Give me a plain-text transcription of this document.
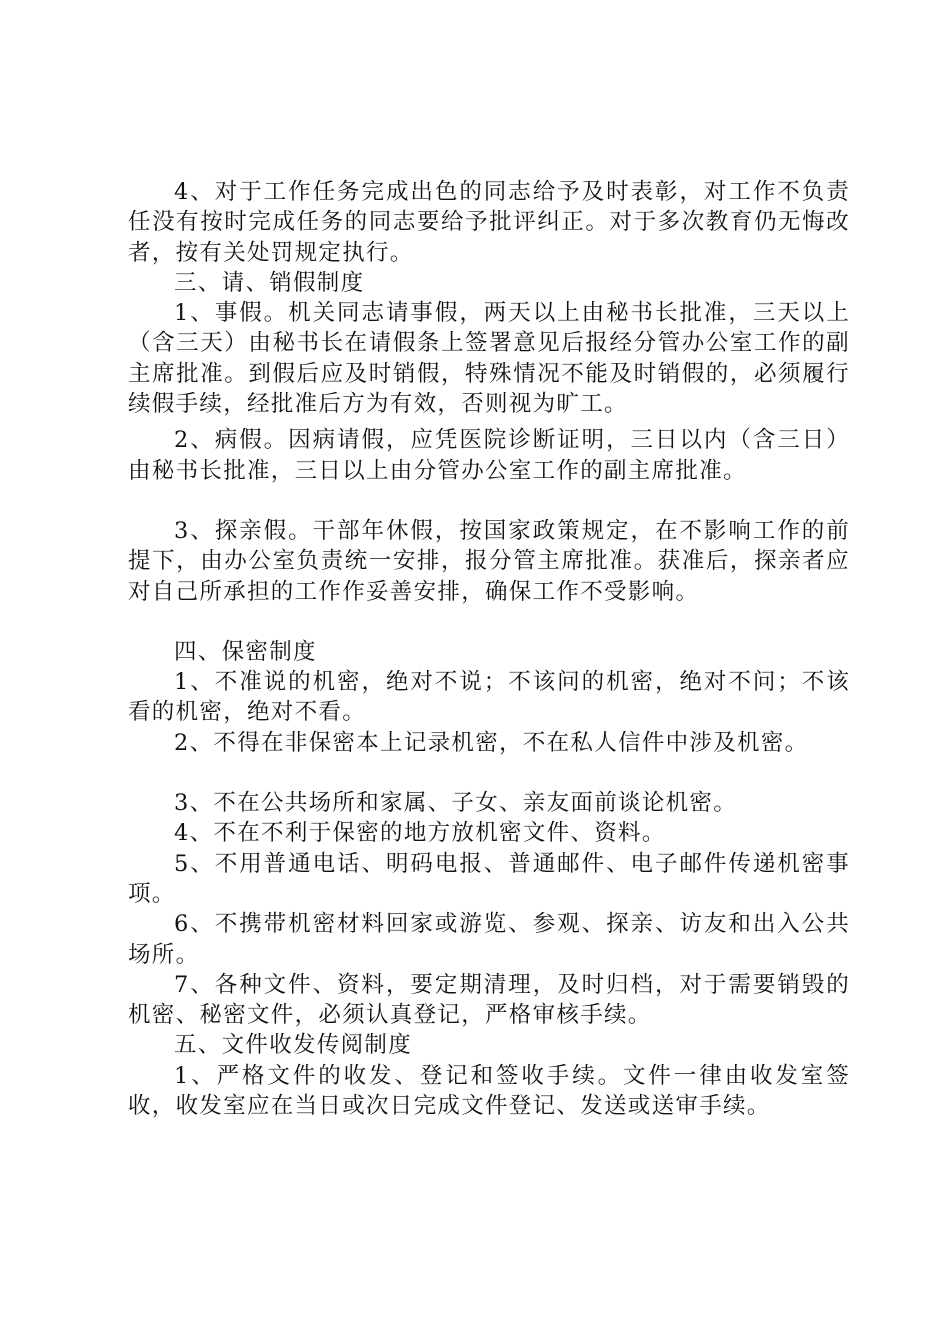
4、对于工作任务完成出色的同志给予及时表彰，对工作不负责任没有按时完成任务的同志要给予批评纠正。对于多次教育仍无悔改者，按有关处罚规定执行。

三、请、销假制度

1、事假。机关同志请事假，两天以上由秘书长批准，三天以上（含三天）由秘书长在请假条上签署意见后报经分管办公室工作的副主席批准。到假后应及时销假，特殊情况不能及时销假的，必须履行续假手续，经批准后方为有效，否则视为旷工。

2、病假。因病请假，应凭医院诊断证明，三日以内（含三日）由秘书长批准，三日以上由分管办公室工作的副主席批准。

3、探亲假。干部年休假，按国家政策规定，在不影响工作的前提下，由办公室负责统一安排，报分管主席批准。获准后，探亲者应对自己所承担的工作作妥善安排，确保工作不受影响。

四、保密制度

1、不准说的机密，绝对不说；不该问的机密，绝对不问；不该看的机密，绝对不看。

2、不得在非保密本上记录机密，不在私人信件中涉及机密。

3、不在公共场所和家属、子女、亲友面前谈论机密。

4、不在不利于保密的地方放机密文件、资料。

5、不用普通电话、明码电报、普通邮件、电子邮件传递机密事项。

6、不携带机密材料回家或游览、参观、探亲、访友和出入公共场所。

7、各种文件、资料，要定期清理，及时归档，对于需要销毁的机密、秘密文件，必须认真登记，严格审核手续。

五、文件收发传阅制度

1、严格文件的收发、登记和签收手续。文件一律由收发室签收，收发室应在当日或次日完成文件登记、发送或送审手续。
